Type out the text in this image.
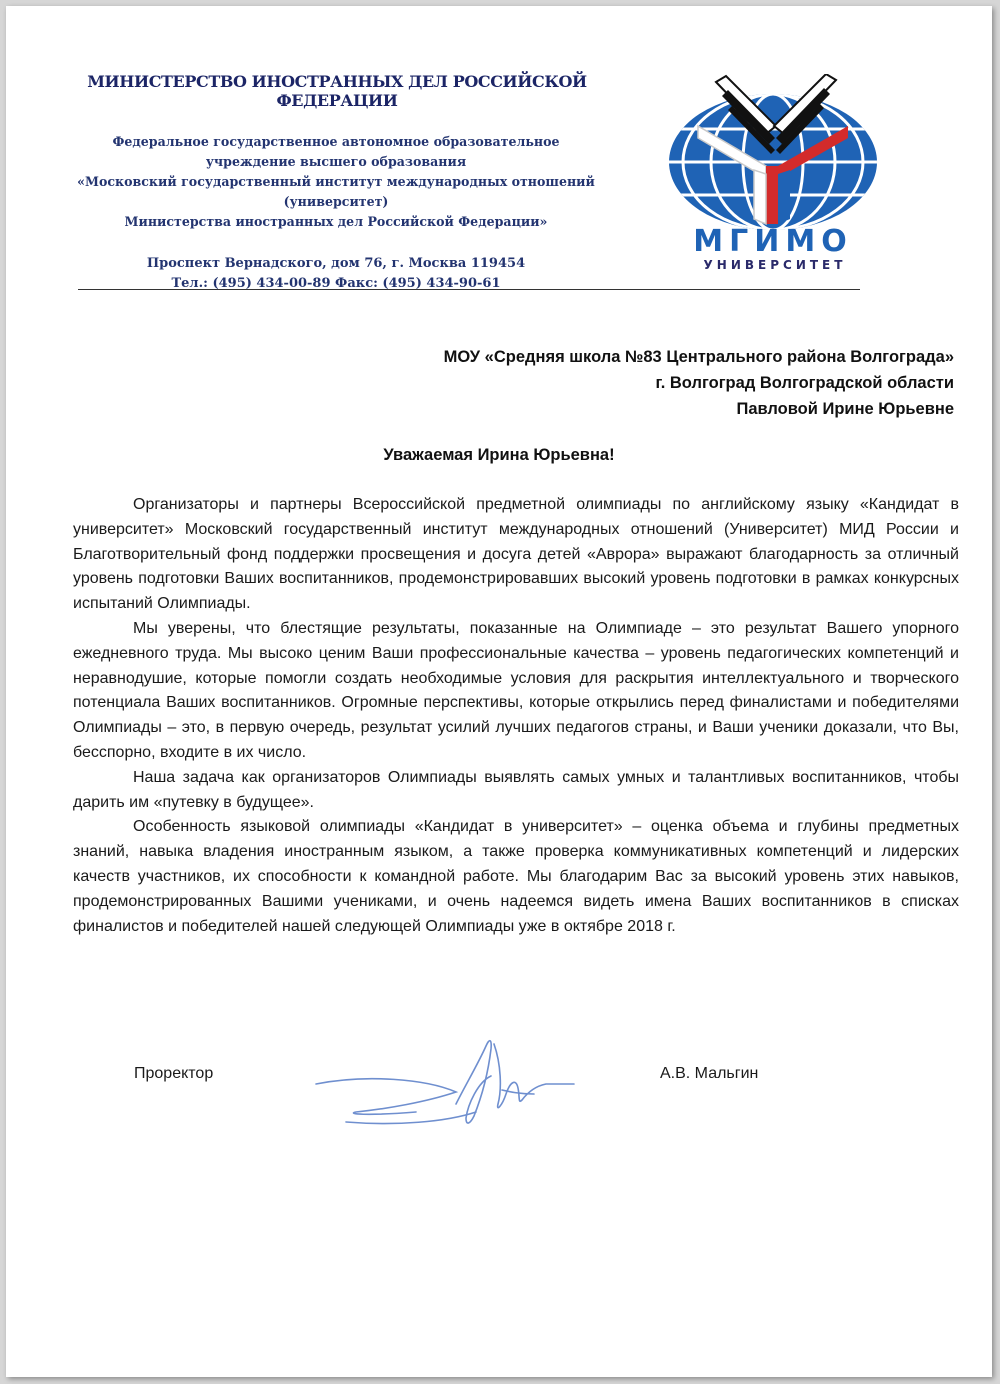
МИНИСТЕРСТВО ИНОСТРАННЫХ ДЕЛ РОССИЙСКОЙ ФЕДЕРАЦИИ
Федеральное государственное автономное образовательное
учреждение высшего образования
«Московский государственный институт международных отношений
(университет)
Министерства иностранных дел Российской Федерации»
Проспект Вернадского, дом 76, г. Москва 119454
Тел.: (495) 434-00-89 Факс: (495) 434-90-61
МГИМО
УНИВЕРСИТЕТ
МОУ «Средняя школа №83 Центрального района Волгограда»
г. Волгоград Волгоградской области
Павловой Ирине Юрьевне
Уважаемая Ирина Юрьевна!

Организаторы и партнеры Всероссийской предметной олимпиады по английскому языку «Кандидат в университет» Московский государственный институт международных отношений (Университет) МИД России и Благотворительный фонд поддержки просвещения и досуга детей «Аврора» выражают благодарность за отличный уровень подготовки Ваших воспитанников, продемонстрировавших высокий уровень подготовки в рамках конкурсных испытаний Олимпиады.

Мы уверены, что блестящие результаты, показанные на Олимпиаде – это результат Вашего упорного ежедневного труда. Мы высоко ценим Ваши профессиональные качества – уровень педагогических компетенций и неравнодушие, которые помогли создать необходимые условия для раскрытия интеллектуального и творческого потенциала Ваших воспитанников. Огромные перспективы, которые открылись перед финалистами и победителями Олимпиады – это, в первую очередь, результат усилий лучших педагогов страны, и Ваши ученики доказали, что Вы, бесспорно, входите в их число.

Наша задача как организаторов Олимпиады выявлять самых умных и талантливых воспитанников, чтобы дарить им «путевку в будущее».

Особенность языковой олимпиады «Кандидат в университет» – оценка объема и глубины предметных знаний, навыка владения иностранным языком, а также проверка коммуникативных компетенций и лидерских качеств участников, их способности к командной работе. Мы благодарим Вас за высокий уровень этих навыков, продемонстрированных Вашими учениками, и очень надеемся видеть имена Ваших воспитанников в списках финалистов и победителей нашей следующей Олимпиады уже в октябре 2018 г.

Проректор	А.В. Мальгин
